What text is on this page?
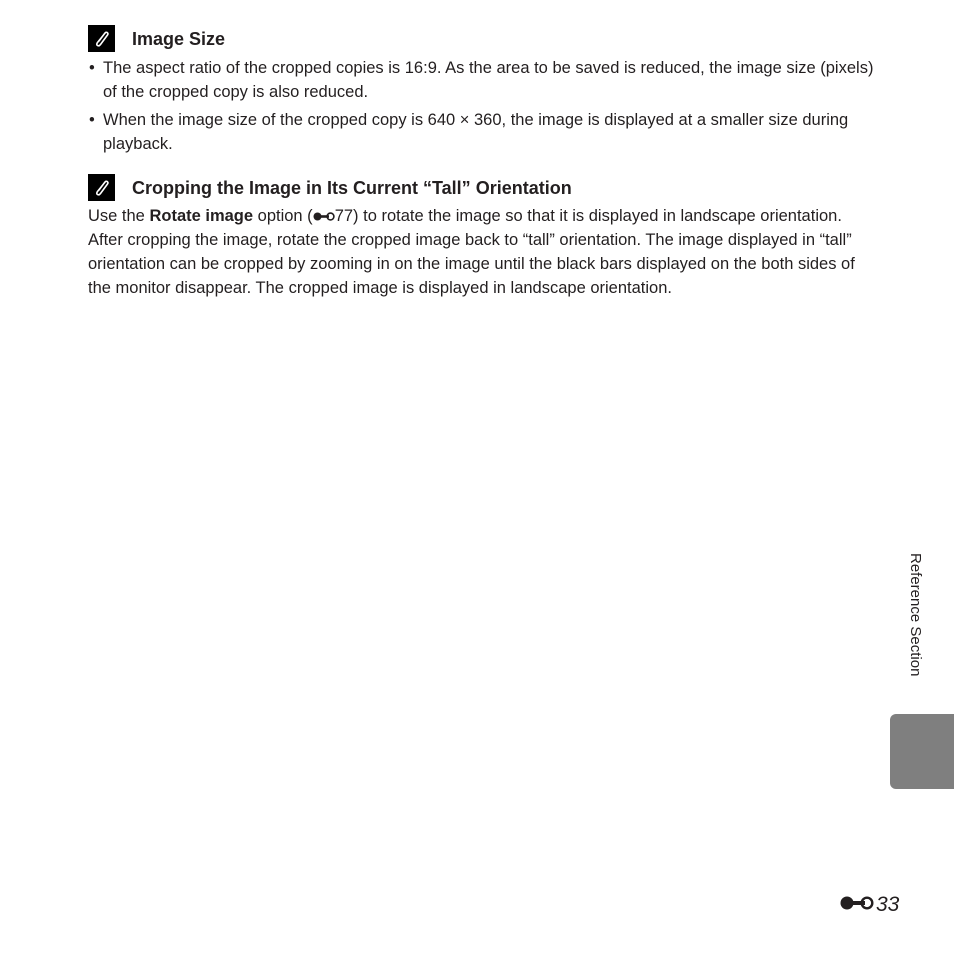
Image Size
• The aspect ratio of the cropped copies is 16:9. As the area to be saved is reduced, the image size (pixels) of the cropped copy is also reduced.
• When the image size of the cropped copy is 640 × 360, the image is displayed at a smaller size during playback.
Cropping the Image in Its Current “Tall” Orientation

Use the Rotate image option ( 77) to rotate the image so that it is displayed in landscape orientation. After cropping the image, rotate the cropped image back to “tall” orientation. The image displayed in “tall” orientation can be cropped by zooming in on the image until the black bars displayed on the both sides of the monitor disappear. The cropped image is displayed in landscape orientation.

Reference Section
33
